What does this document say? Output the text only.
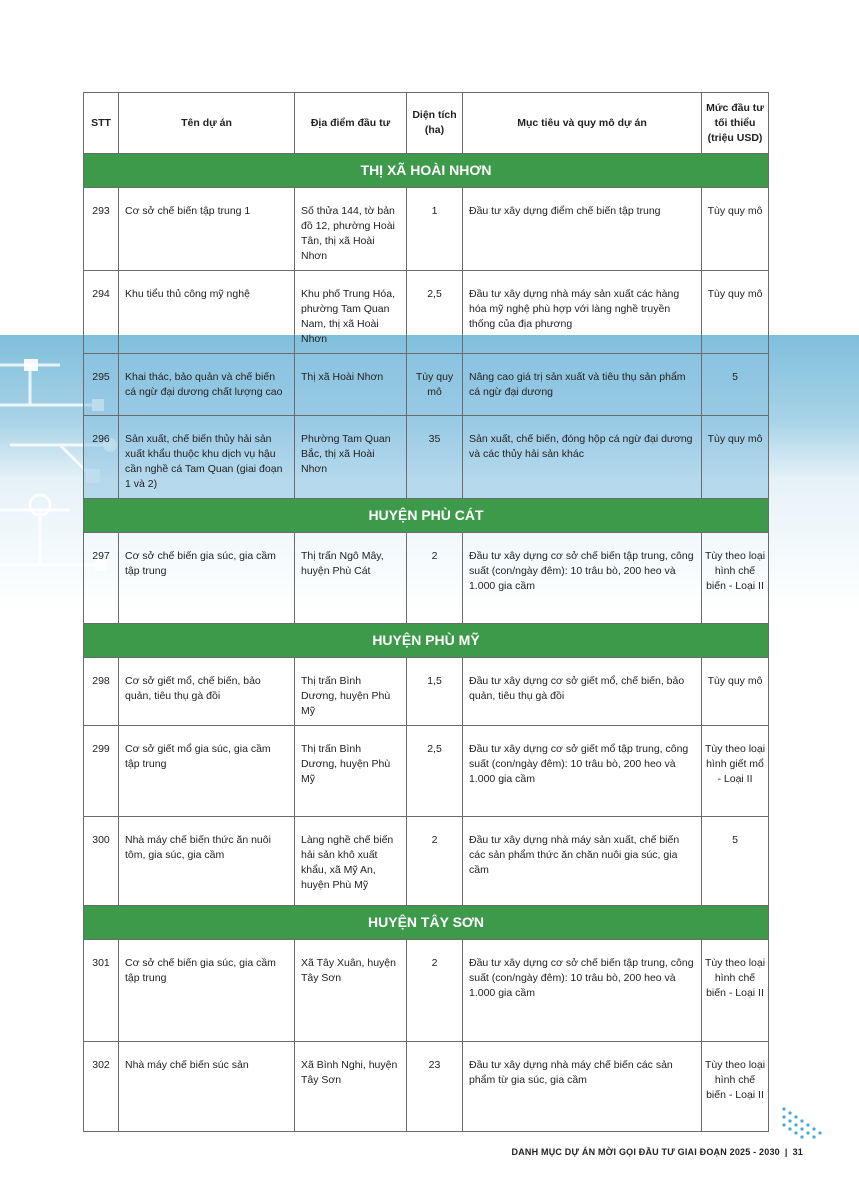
STT	Tên dự án	Địa điểm đầu tư	Diện tích (ha)	Mục tiêu và quy mô dự án	Mức đầu tư tối thiểu (triệu USD)
THỊ XÃ HOÀI NHƠN					
293	Cơ sở chế biến tập trung 1	Số thửa 144, tờ bản đồ 12, phường Hoài Tân, thị xã Hoài Nhơn	1	Đầu tư xây dựng điểm chế biến tập trung	Tùy quy mô
294	Khu tiểu thủ công mỹ nghệ	Khu phố Trung Hóa, phường Tam Quan Nam, thị xã Hoài Nhơn	2,5	Đầu tư xây dựng nhà máy sản xuất các hàng hóa mỹ nghệ phù hợp với làng nghề truyền thống của địa phương	Tùy quy mô
295	Khai thác, bảo quản và chế biến cá ngừ đại dương chất lượng cao	Thị xã Hoài Nhơn	Tùy quy mô	Nâng cao giá trị sản xuất và tiêu thụ sản phẩm cá ngừ đại dương	5
296	Sản xuất, chế biến thủy hải sản xuất khẩu thuộc khu dịch vụ hậu cần nghề cá Tam Quan (giai đoạn 1 và 2)	Phường Tam Quan Bắc, thị xã Hoài Nhơn	35	Sản xuất, chế biến, đóng hộp cá ngừ đại dương và các thủy hải sản khác	Tùy quy mô
HUYỆN PHÙ CÁT					
297	Cơ sở chế biến gia súc, gia cầm tập trung	Thị trấn Ngô Mây, huyện Phù Cát	2	Đầu tư xây dựng cơ sở chế biến tập trung, công suất (con/ngày đêm): 10 trâu bò, 200 heo và 1.000 gia cầm	Tùy theo loại hình chế biến - Loại II
HUYỆN PHÙ MỸ					
298	Cơ sở giết mổ, chế biến, bảo quản, tiêu thụ gà đồi	Thị trấn Bình Dương, huyện Phù Mỹ	1,5	Đầu tư xây dựng cơ sở giết mổ, chế biến, bảo quản, tiêu thụ gà đồi	Tùy quy mô
299	Cơ sở giết mổ gia súc, gia cầm tập trung	Thị trấn Bình Dương, huyện Phù Mỹ	2,5	Đầu tư xây dựng cơ sở giết mổ tập trung, công suất (con/ngày đêm): 10 trâu bò, 200 heo và 1.000 gia cầm	Tùy theo loại hình giết mổ - Loại II
300	Nhà máy chế biến thức ăn nuôi tôm, gia súc, gia cầm	Làng nghề chế biến hải sản khô xuất khẩu, xã Mỹ An, huyện Phù Mỹ	2	Đầu tư xây dựng nhà máy sản xuất, chế biến các sản phẩm thức ăn chăn nuôi gia súc, gia cầm	5
HUYỆN TÂY SƠN					
301	Cơ sở chế biến gia súc, gia cầm tập trung	Xã Tây Xuân, huyện Tây Sơn	2	Đầu tư xây dựng cơ sở chế biến tập trung, công suất (con/ngày đêm): 10 trâu bò, 200 heo và 1.000 gia cầm	Tùy theo loại hình chế biến - Loại II
302	Nhà máy chế biến súc sản	Xã Bình Nghi, huyện Tây Sơn	23	Đầu tư xây dựng nhà máy chế biến các sản phẩm từ gia súc, gia cầm	Tùy theo loại hình chế biến - Loại II
DANH MỤC DỰ ÁN MỜI GỌI ĐẦU TƯ GIAI ĐOẠN 2025 - 2030 | 31
